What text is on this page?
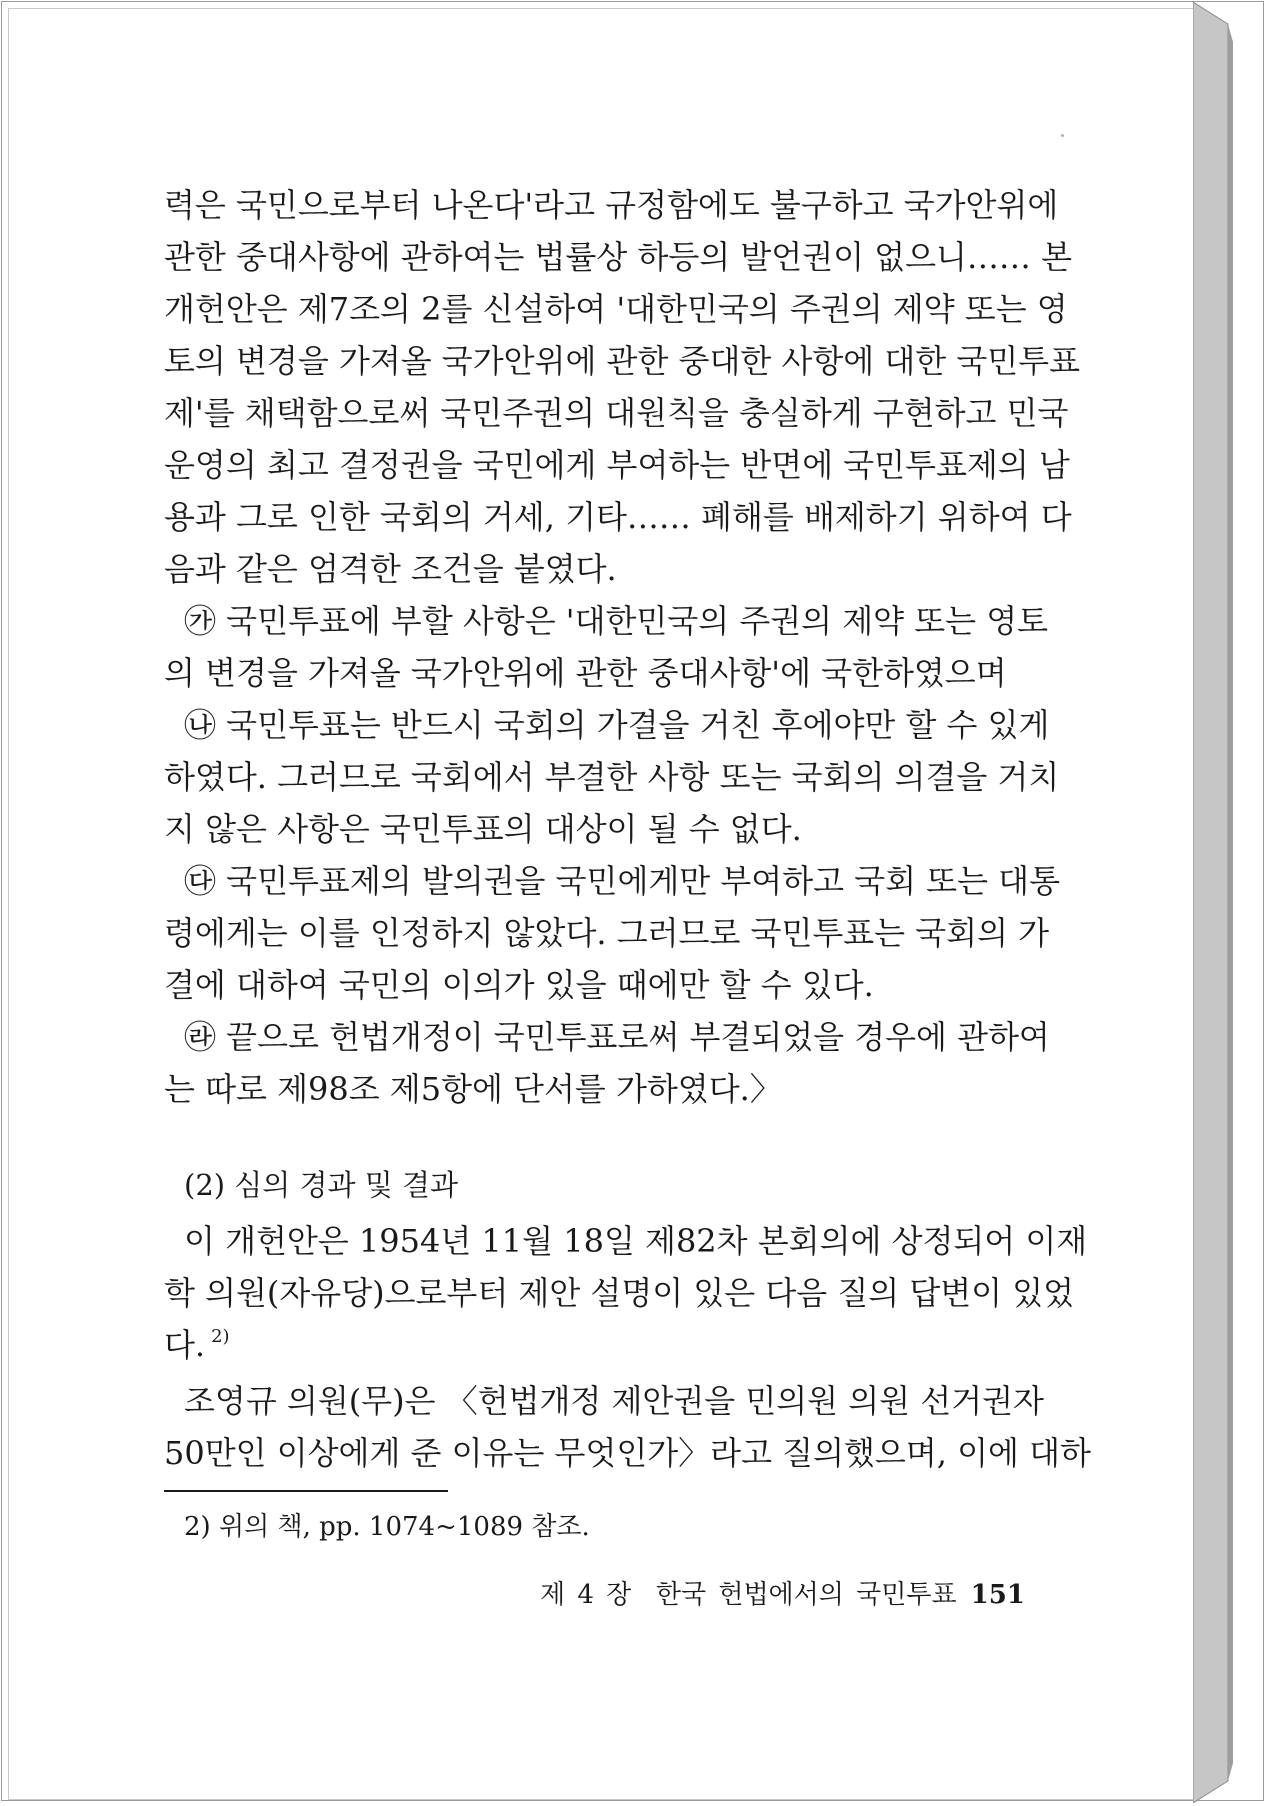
력은 국민으로부터 나온다'라고 규정함에도 불구하고 국가안위에
관한 중대사항에 관하여는 법률상 하등의 발언권이 없으니…… 본
개헌안은 제7조의 2를 신설하여 '대한민국의 주권의 제약 또는 영
토의 변경을 가져올 국가안위에 관한 중대한 사항에 대한 국민투표
제'를 채택함으로써 국민주권의 대원칙을 충실하게 구현하고 민국
운영의 최고 결정권을 국민에게 부여하는 반면에 국민투표제의 남
용과 그로 인한 국회의 거세, 기타…… 폐해를 배제하기 위하여 다
음과 같은 엄격한 조건을 붙였다.
㉮ 국민투표에 부할 사항은 '대한민국의 주권의 제약 또는 영토
의 변경을 가져올 국가안위에 관한 중대사항'에 국한하였으며
㉯ 국민투표는 반드시 국회의 가결을 거친 후에야만 할 수 있게
하였다. 그러므로 국회에서 부결한 사항 또는 국회의 의결을 거치
지 않은 사항은 국민투표의 대상이 될 수 없다.
㉰ 국민투표제의 발의권을 국민에게만 부여하고 국회 또는 대통
령에게는 이를 인정하지 않았다. 그러므로 국민투표는 국회의 가
결에 대하여 국민의 이의가 있을 때에만 할 수 있다.
㉱ 끝으로 헌법개정이 국민투표로써 부결되었을 경우에 관하여
는 따로 제98조 제5항에 단서를 가하였다.〉
(2) 심의 경과 및 결과
이 개헌안은 1954년 11월 18일 제82차 본회의에 상정되어 이재
학 의원(자유당)으로부터 제안 설명이 있은 다음 질의 답변이 있었
다. $^{2)}$
조영규 의원(무)은 〈헌법개정 제안권을 민의원 의원 선거권자
50만인 이상에게 준 이유는 무엇인가〉라고 질의했으며, 이에 대하
2) 위의 책, pp. 1074~1089 참조.
제 4 장  한국 헌법에서의 국민투표 151
